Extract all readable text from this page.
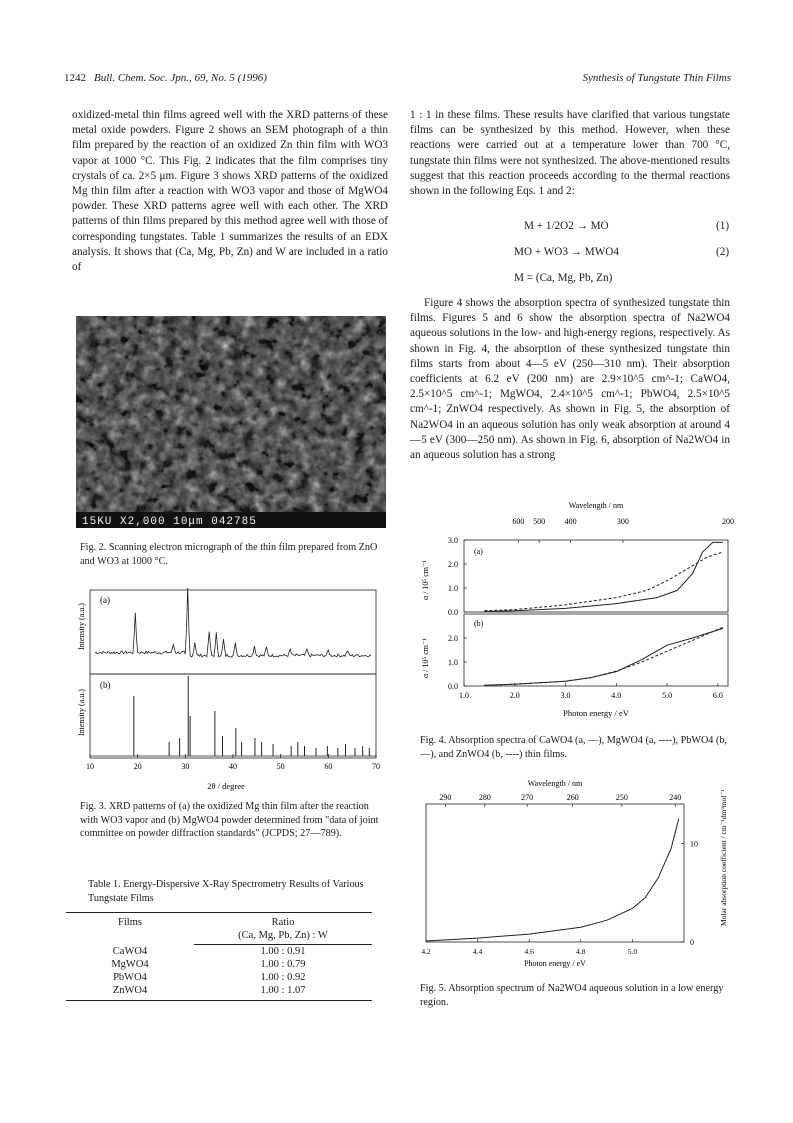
1242 Bull. Chem. Soc. Jpn., 69, No. 5 (1996)	Synthesis of Tungstate Thin Films

oxidized-metal thin films agreed well with the XRD patterns of these metal oxide powders. Figure 2 shows an SEM photograph of a thin film prepared by the reaction of an oxidized Zn thin film with WO3 vapor at 1000 °C. This Fig. 2 indicates that the film comprises tiny crystals of ca. 2×5 μm. Figure 3 shows XRD patterns of the oxidized Mg thin film after a reaction with WO3 vapor and those of MgWO4 powder. These XRD patterns agree well with each other. The XRD patterns of thin films prepared by this method agree well with those of corresponding tungstates. Table 1 summarizes the results of an EDX analysis. It shows that (Ca, Mg, Pb, Zn) and W are included in a ratio of

15KU X2,000 10μm 042785
Fig. 2. Scanning electron micrograph of the thin film prepared from ZnO and WO3 at 1000 °C.
(a)
(b)
Intensity (a.u.)
Intensity (a.u.)
10	20	30	40	50	60	70
2θ / degree
Fig. 3. XRD patterns of (a) the oxidized Mg thin film after the reaction with WO3 vapor and (b) MgWO4 powder determined from "data of joint committee on powder diffraction standards" (JCPDS; 27—789).
Table 1. Energy-Dispersive X-Ray Spectrometry Results of Various Tungstate Films
Films	Ratio
	(Ca, Mg, Pb, Zn) : W
CaWO4	1.00 : 0.91
MgWO4	1.00 : 0.79
PbWO4	1.00 : 0.92
ZnWO4	1.00 : 1.07

1 : 1 in these films. These results have clarified that various tungstate films can be synthesized by this method. However, when these reactions were carried out at a temperature lower than 700 °C, tungstate thin films were not synthesized. The above-mentioned results suggest that this reaction proceeds according to the thermal reactions shown in the following Eqs. 1 and 2:

M + 1/2O2 → MO	(1)
MO + WO3 → MWO4	(2)
M = (Ca, Mg, Pb, Zn)

Figure 4 shows the absorption spectra of synthesized tungstate thin films. Figures 5 and 6 show the absorption spectra of Na2WO4 aqueous solutions in the low- and high-energy regions, respectively. As shown in Fig. 4, the absorption of these synthesized tungstate thin films starts from about 4—5 eV (250—310 nm). Their absorption coefficients at 6.2 eV (200 nm) are 2.9×10^5 cm^-1; CaWO4, 2.5×10^5 cm^-1; MgWO4, 2.4×10^5 cm^-1; PbWO4, 2.5×10^5 cm^-1; ZnWO4 respectively. As shown in Fig. 5, the absorption of Na2WO4 in an aqueous solution has only weak absorption at around 4—5 eV (300—250 nm). As shown in Fig. 6, absorption of Na2WO4 in an aqueous solution has a strong

Wavelength / nm
600 500 400	300	200
0.0
1.0
2.0
3.0
0.0
1.0
2.0
α / 10⁵ cm⁻¹
α / 10⁵ cm⁻¹
(a)
(b)
1.0	2.0	3.0	4.0	5.0	6.0
Photon energy / eV
Fig. 4. Absorption spectra of CaWO4 (a, —), MgWO4 (a, ----), PbWO4 (b, —), and ZnWO4 (b, ----) thin films.
Wavelength / nm
290	280	270	260	250	240
4.2	4.4	4.6	4.8	5.0
Photon energy / eV
0
10	Molar absorption coefficient / cm⁻¹dm³mol⁻¹
Fig. 5. Absorption spectrum of Na2WO4 aqueous solution in a low energy region.
